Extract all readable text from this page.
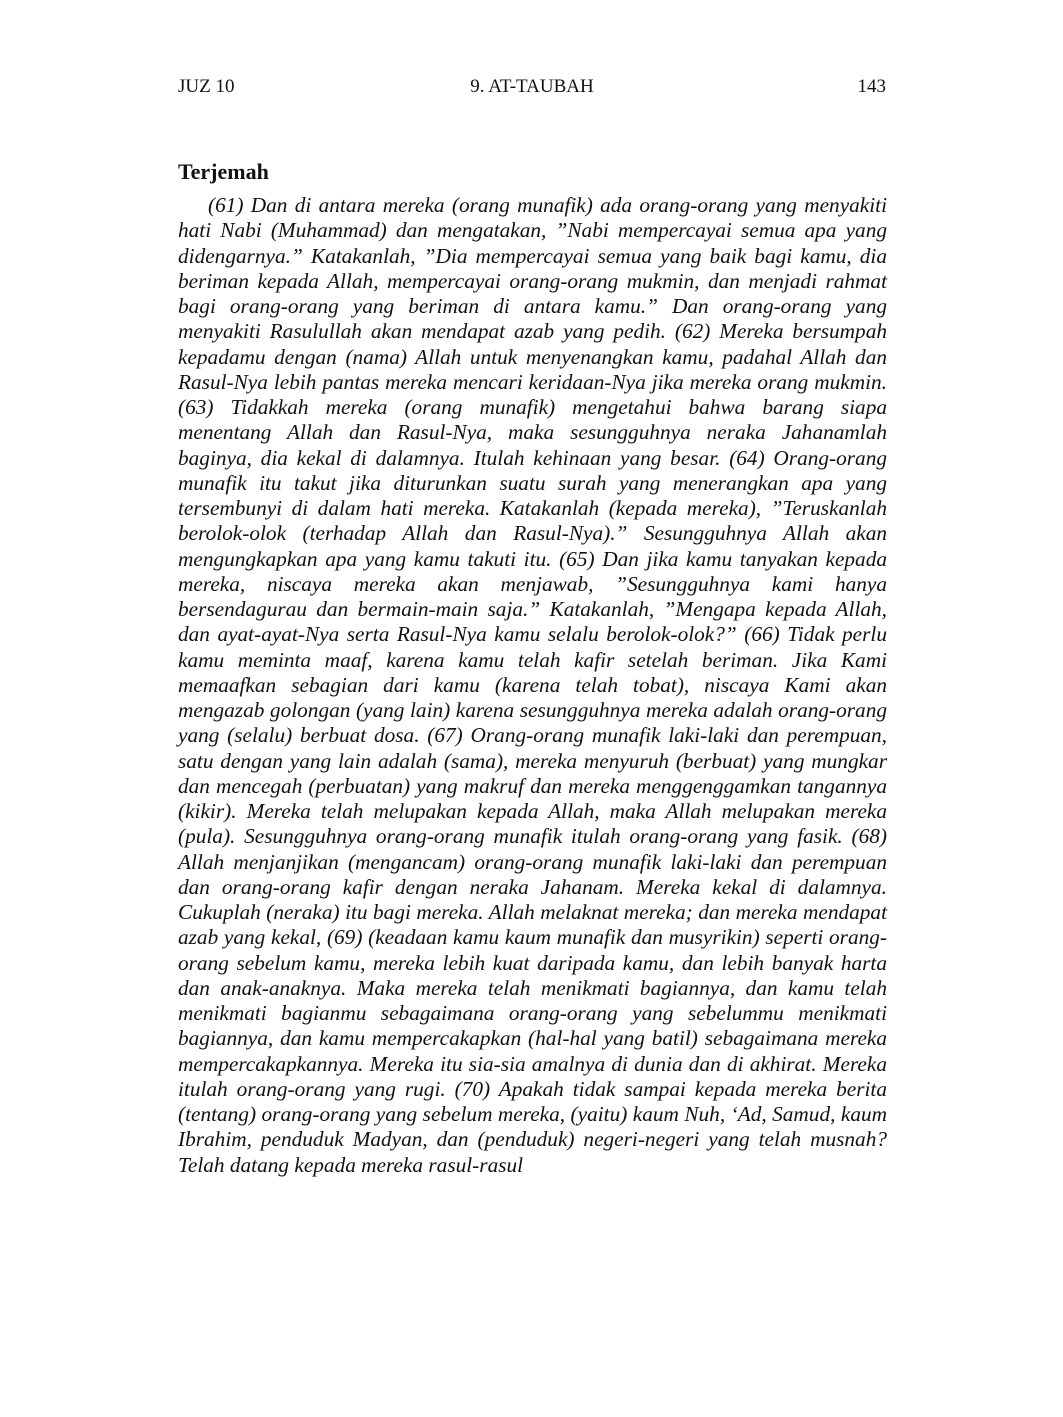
JUZ 10	9. AT-TAUBAH	143
Terjemah

(61) Dan di antara mereka (orang munafik) ada orang-orang yang menyakiti hati Nabi (Muhammad) dan mengatakan, ”Nabi mempercayai semua apa yang didengarnya.” Katakanlah, ”Dia mempercayai semua yang baik bagi kamu, dia beriman kepada Allah, mempercayai orang-orang mukmin, dan menjadi rahmat bagi orang-orang yang beriman di antara kamu.” Dan orang-orang yang menyakiti Rasulullah akan mendapat azab yang pedih. (62) Mereka bersumpah kepadamu dengan (nama) Allah untuk menyenangkan kamu, padahal Allah dan Rasul-Nya lebih pantas mereka mencari keridaan-Nya jika mereka orang mukmin. (63) Tidakkah mereka (orang munafik) mengetahui bahwa barang siapa menentang Allah dan Rasul-Nya, maka sesungguhnya neraka Jahanamlah baginya, dia kekal di dalamnya. Itulah kehinaan yang besar. (64) Orang-orang munafik itu takut jika diturunkan suatu surah yang menerangkan apa yang tersembunyi di dalam hati mereka. Katakanlah (kepada mereka), ”Teruskanlah berolok-olok (terhadap Allah dan Rasul-Nya).” Sesungguhnya Allah akan mengungkapkan apa yang kamu takuti itu. (65) Dan jika kamu tanyakan kepada mereka, niscaya mereka akan menjawab, ”Sesungguhnya kami hanya bersendagurau dan bermain-main saja.” Katakanlah, ”Mengapa kepada Allah, dan ayat-ayat-Nya serta Rasul-Nya kamu selalu berolok-olok?” (66) Tidak perlu kamu meminta maaf, karena kamu telah kafir setelah beriman. Jika Kami memaafkan sebagian dari kamu (karena telah tobat), niscaya Kami akan mengazab golongan (yang lain) karena sesungguhnya mereka adalah orang-orang yang (selalu) berbuat dosa. (67) Orang-orang munafik laki-laki dan perempuan, satu dengan yang lain adalah (sama), mereka menyuruh (berbuat) yang mungkar dan mencegah (perbuatan) yang makruf dan mereka menggenggamkan tangannya (kikir). Mereka telah melupakan kepada Allah, maka Allah melupakan mereka (pula). Sesungguhnya orang-orang munafik itulah orang-orang yang fasik. (68) Allah menjanjikan (mengancam) orang-orang munafik laki-laki dan perempuan dan orang-orang kafir dengan neraka Jahanam. Mereka kekal di dalamnya. Cukuplah (neraka) itu bagi mereka. Allah melaknat mereka; dan mereka mendapat azab yang kekal, (69) (keadaan kamu kaum munafik dan musyrikin) seperti orang-orang sebelum kamu, mereka lebih kuat daripada kamu, dan lebih banyak harta dan anak-anaknya. Maka mereka telah menikmati bagiannya, dan kamu telah menikmati bagianmu sebagaimana orang-orang yang sebelummu menikmati bagiannya, dan kamu mempercakapkan (hal-hal yang batil) sebagaimana mereka mempercakapkannya. Mereka itu sia-sia amalnya di dunia dan di akhirat. Mereka itulah orang-orang yang rugi. (70) Apakah tidak sampai kepada mereka berita (tentang) orang-orang yang sebelum mereka, (yaitu) kaum Nuh, ‘Ad, Samud, kaum Ibrahim, penduduk Madyan, dan (penduduk) negeri-negeri yang telah musnah? Telah datang kepada mereka rasul-rasul
